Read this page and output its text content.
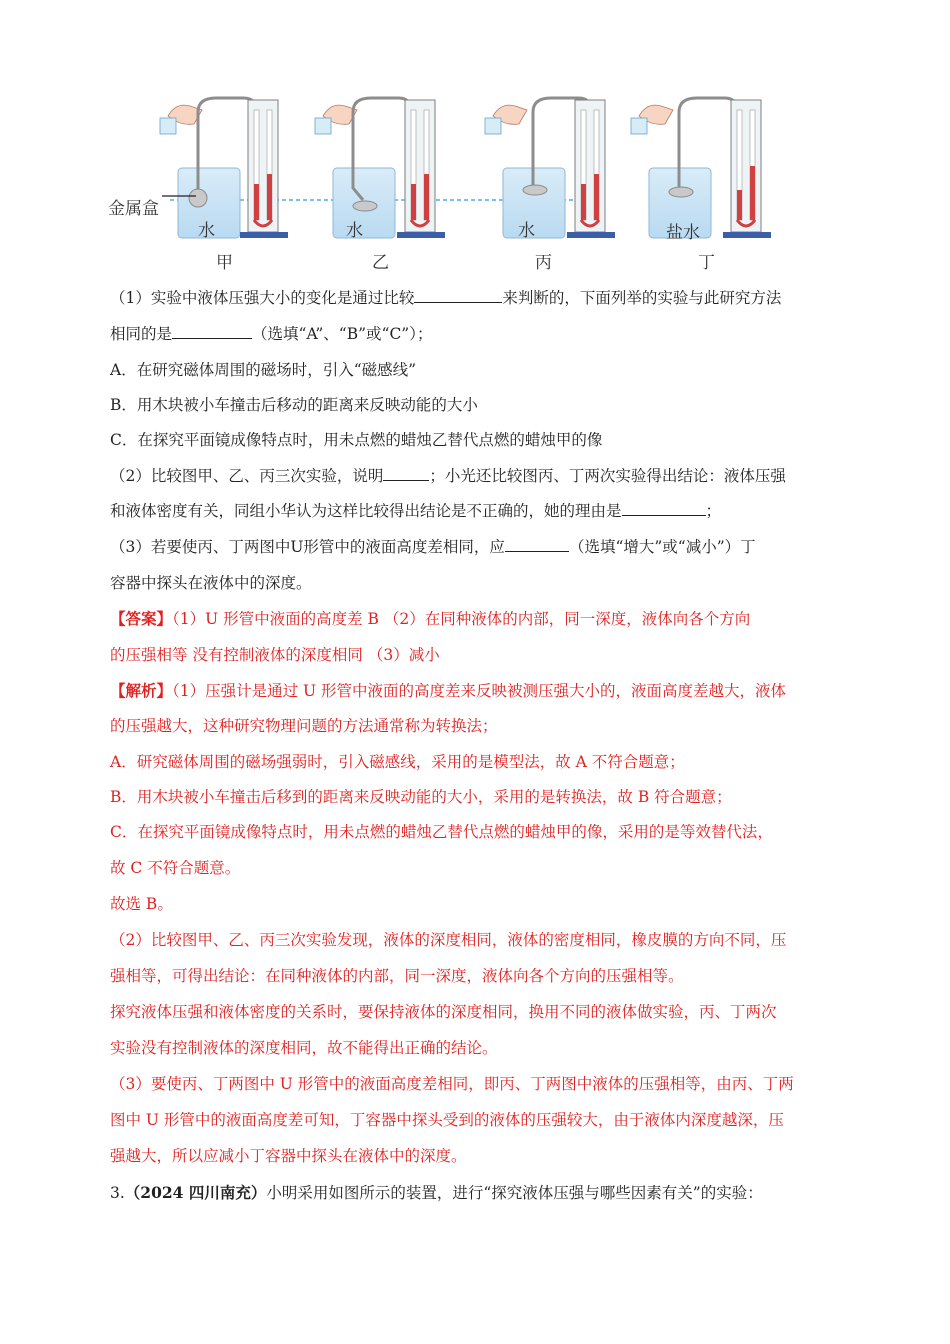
金属盒
水	水	水	盐水
甲	乙	丙	丁
（1）实验中液体压强大小的变化是通过比较	来判断的，下面列举的实验与此研究方法
相同的是	（选填“A”、“B”或“C”）；
A．在研究磁体周围的磁场时，引入“磁感线”
B．用木块被小车撞击后移动的距离来反映动能的大小
C．在探究平面镜成像特点时，用未点燃的蜡烛乙替代点燃的蜡烛甲的像
（2）比较图甲、乙、丙三次实验，说明	；小光还比较图丙、丁两次实验得出结论：液体压强
和液体密度有关，同组小华认为这样比较得出结论是不正确的，她的理由是	；
（3）若要使丙、丁两图中U形管中的液面高度差相同，应	（选填“增大”或“减小”）丁
容器中探头在液体中的深度。
【答案】（1）U 形管中液面的高度差 B （2）在同种液体的内部，同一深度，液体向各个方向
的压强相等 没有控制液体的深度相同 （3）减小
【解析】（1）压强计是通过 U 形管中液面的高度差来反映被测压强大小的，液面高度差越大，液体
的压强越大，这种研究物理问题的方法通常称为转换法；
A．研究磁体周围的磁场强弱时，引入磁感线，采用的是模型法，故 A 不符合题意；
B．用木块被小车撞击后移到的距离来反映动能的大小，采用的是转换法，故 B 符合题意；
C．在探究平面镜成像特点时，用未点燃的蜡烛乙替代点燃的蜡烛甲的像，采用的是等效替代法，
故 C 不符合题意。
故选 B。
（2）比较图甲、乙、丙三次实验发现，液体的深度相同，液体的密度相同，橡皮膜的方向不同，压
强相等，可得出结论：在同种液体的内部，同一深度，液体向各个方向的压强相等。
探究液体压强和液体密度的关系时，要保持液体的深度相同，换用不同的液体做实验，丙、丁两次
实验没有控制液体的深度相同，故不能得出正确的结论。
（3）要使丙、丁两图中 U 形管中的液面高度差相同，即丙、丁两图中液体的压强相等，由丙、丁两
图中 U 形管中的液面高度差可知，丁容器中探头受到的液体的压强较大，由于液体内深度越深，压
强越大，所以应减小丁容器中探头在液体中的深度。
3.（2024 四川南充）小明采用如图所示的装置，进行“探究液体压强与哪些因素有关”的实验：
